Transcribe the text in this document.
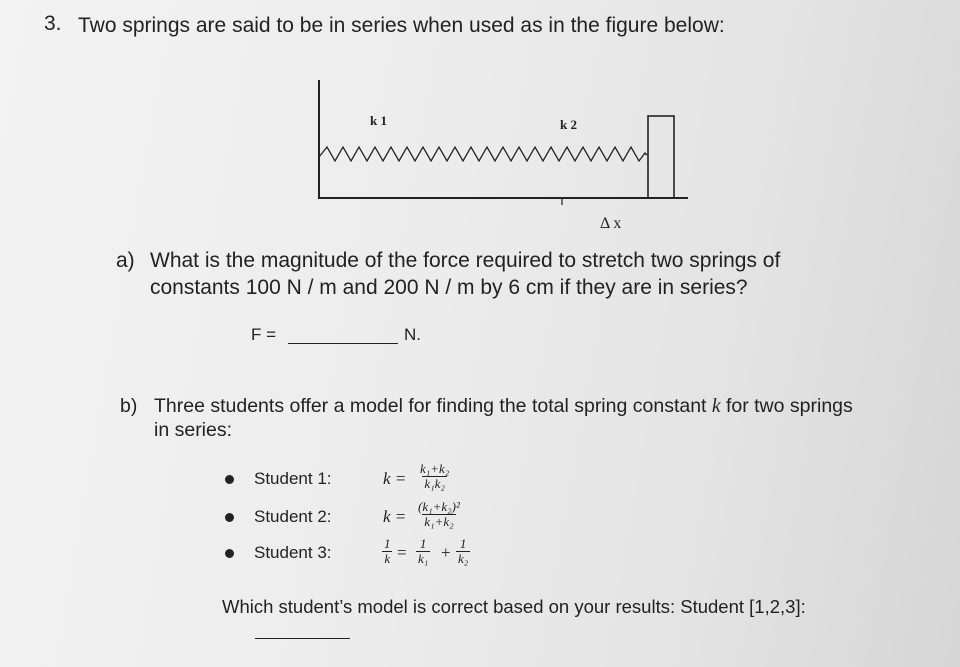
3. Two springs are said to be in series when used as in the figure below:
k 1	k 2
Δ x
a) What is the magnitude of the force required to stretch two springs of
constants 100 N / m and 200 N / m by 6 cm if they are in series?
F =	N.
b) Three students offer a model for finding the total spring constant k for two springs
in series:
Student 1:	$k = \frac{\text{k₁+k₂}}{\text{k₁k₂}}$
Student 2:	$k = \frac{\text{(k₁+k₂)²}}{\text{k₁+k₂}}$
Student 3:	$\frac{1}{k} = \frac{1}{\text{k₁}} + \frac{1}{\text{k₂}}$
Which student’s model is correct based on your results: Student [1,2,3]:
